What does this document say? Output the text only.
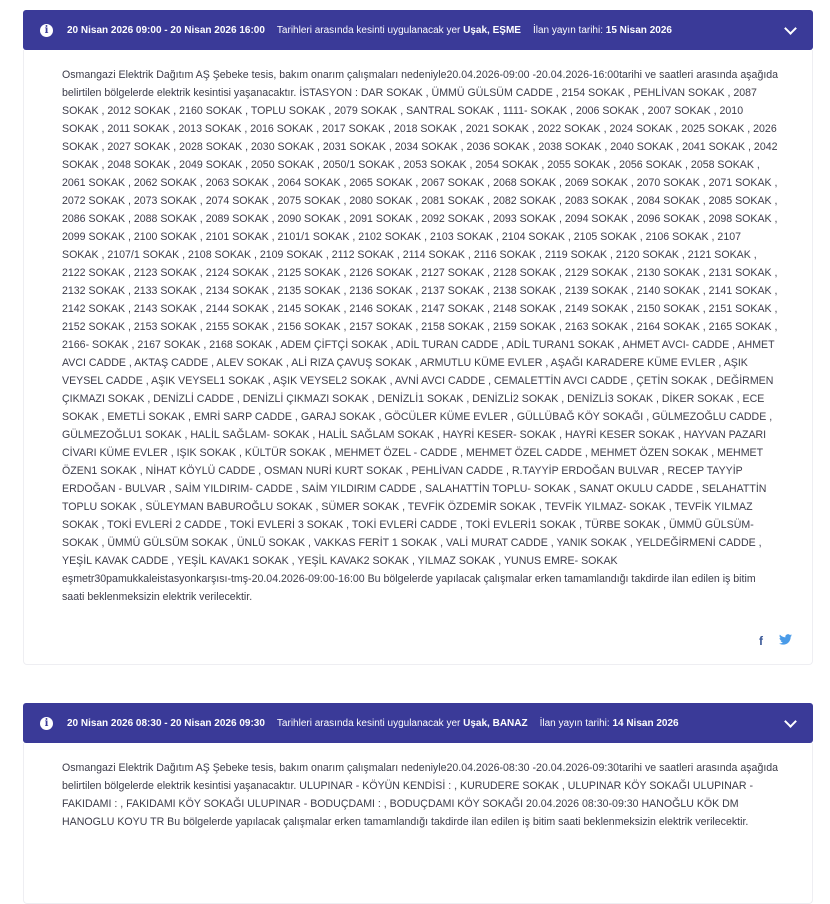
i	20 Nisan 2026 09:00 - 20 Nisan 2026 16:00 Tarihleri arasında kesinti uygulanacak yer
Uşak, EŞME İlan yayın tarihi:
15 Nisan 2026
Osmangazi Elektrik Dağıtım AŞ Şebeke tesis, bakım onarım çalışmaları nedeniyle20.04.2026-09:00 -20.04.2026-16:00tarihi ve saatleri arasında aşağıda belirtilen bölgelerde elektrik kesintisi yaşanacaktır. İSTASYON : DAR SOKAK , ÜMMÜ GÜLSÜM CADDE , 2154 SOKAK , PEHLİVAN SOKAK , 2087 SOKAK , 2012 SOKAK , 2160 SOKAK , TOPLU SOKAK , 2079 SOKAK , SANTRAL SOKAK , 1111- SOKAK , 2006 SOKAK , 2007 SOKAK , 2010 SOKAK , 2011 SOKAK , 2013 SOKAK , 2016 SOKAK , 2017 SOKAK , 2018 SOKAK , 2021 SOKAK , 2022 SOKAK , 2024 SOKAK , 2025 SOKAK , 2026 SOKAK , 2027 SOKAK , 2028 SOKAK , 2030 SOKAK , 2031 SOKAK , 2034 SOKAK , 2036 SOKAK , 2038 SOKAK , 2040 SOKAK , 2041 SOKAK , 2042 SOKAK , 2048 SOKAK , 2049 SOKAK , 2050 SOKAK , 2050/1 SOKAK , 2053 SOKAK , 2054 SOKAK , 2055 SOKAK , 2056 SOKAK , 2058 SOKAK , 2061 SOKAK , 2062 SOKAK , 2063 SOKAK , 2064 SOKAK , 2065 SOKAK , 2067 SOKAK , 2068 SOKAK , 2069 SOKAK , 2070 SOKAK , 2071 SOKAK , 2072 SOKAK , 2073 SOKAK , 2074 SOKAK , 2075 SOKAK , 2080 SOKAK , 2081 SOKAK , 2082 SOKAK , 2083 SOKAK , 2084 SOKAK , 2085 SOKAK , 2086 SOKAK , 2088 SOKAK , 2089 SOKAK , 2090 SOKAK , 2091 SOKAK , 2092 SOKAK , 2093 SOKAK , 2094 SOKAK , 2096 SOKAK , 2098 SOKAK , 2099 SOKAK , 2100 SOKAK , 2101 SOKAK , 2101/1 SOKAK , 2102 SOKAK , 2103 SOKAK , 2104 SOKAK , 2105 SOKAK , 2106 SOKAK , 2107 SOKAK , 2107/1 SOKAK , 2108 SOKAK , 2109 SOKAK , 2112 SOKAK , 2114 SOKAK , 2116 SOKAK , 2119 SOKAK , 2120 SOKAK , 2121 SOKAK , 2122 SOKAK , 2123 SOKAK , 2124 SOKAK , 2125 SOKAK , 2126 SOKAK , 2127 SOKAK , 2128 SOKAK , 2129 SOKAK , 2130 SOKAK , 2131 SOKAK , 2132 SOKAK , 2133 SOKAK , 2134 SOKAK , 2135 SOKAK , 2136 SOKAK , 2137 SOKAK , 2138 SOKAK , 2139 SOKAK , 2140 SOKAK , 2141 SOKAK , 2142 SOKAK , 2143 SOKAK , 2144 SOKAK , 2145 SOKAK , 2146 SOKAK , 2147 SOKAK , 2148 SOKAK , 2149 SOKAK , 2150 SOKAK , 2151 SOKAK , 2152 SOKAK , 2153 SOKAK , 2155 SOKAK , 2156 SOKAK , 2157 SOKAK , 2158 SOKAK , 2159 SOKAK , 2163 SOKAK , 2164 SOKAK , 2165 SOKAK , 2166- SOKAK , 2167 SOKAK , 2168 SOKAK , ADEM ÇİFTÇİ SOKAK , ADİL TURAN CADDE , ADİL TURAN1 SOKAK , AHMET AVCI- CADDE , AHMET AVCI CADDE , AKTAŞ CADDE , ALEV SOKAK , ALİ RIZA ÇAVUŞ SOKAK , ARMUTLU KÜME EVLER , AŞAĞI KARADERE KÜME EVLER , AŞIK VEYSEL CADDE , AŞIK VEYSEL1 SOKAK , AŞIK VEYSEL2 SOKAK , AVNİ AVCI CADDE , CEMALETTİN AVCI CADDE , ÇETİN SOKAK , DEĞİRMEN ÇIKMAZI SOKAK , DENİZLİ CADDE , DENİZLİ ÇIKMAZI SOKAK , DENİZLİ1 SOKAK , DENİZLİ2 SOKAK , DENİZLİ3 SOKAK , DİKER SOKAK , ECE SOKAK , EMETLİ SOKAK , EMRİ SARP CADDE , GARAJ SOKAK , GÖCÜLER KÜME EVLER , GÜLLÜBAĞ KÖY SOKAĞI , GÜLMEZOĞLU CADDE , GÜLMEZOĞLU1 SOKAK , HALİL SAĞLAM- SOKAK , HALİL SAĞLAM SOKAK , HAYRİ KESER- SOKAK , HAYRİ KESER SOKAK , HAYVAN PAZARI CİVARI KÜME EVLER , IŞIK SOKAK , KÜLTÜR SOKAK , MEHMET ÖZEL - CADDE , MEHMET ÖZEL CADDE , MEHMET ÖZEN SOKAK , MEHMET ÖZEN1 SOKAK , NİHAT KÖYLÜ CADDE , OSMAN NURİ KURT SOKAK , PEHLİVAN CADDE , R.TAYYİP ERDOĞAN BULVAR , RECEP TAYYİP ERDOĞAN - BULVAR , SAİM YILDIRIM- CADDE , SAİM YILDIRIM CADDE , SALAHATTİN TOPLU- SOKAK , SANAT OKULU CADDE , SELAHATTİN TOPLU SOKAK , SÜLEYMAN BABUROĞLU SOKAK , SÜMER SOKAK , TEVFİK ÖZDEMİR SOKAK , TEVFİK YILMAZ- SOKAK , TEVFİK YILMAZ SOKAK , TOKİ EVLERİ 2 CADDE , TOKİ EVLERİ 3 SOKAK , TOKİ EVLERİ CADDE , TOKİ EVLERİ1 SOKAK , TÜRBE SOKAK , ÜMMÜ GÜLSÜM- SOKAK , ÜMMÜ GÜLSÜM SOKAK , ÜNLÜ SOKAK , VAKKAS FERİT 1 SOKAK , VALİ MURAT CADDE , YANIK SOKAK , YELDEĞİRMENİ CADDE , YEŞİL KAVAK CADDE , YEŞİL KAVAK1 SOKAK , YEŞİL KAVAK2 SOKAK , YILMAZ SOKAK , YUNUS EMRE- SOKAK eşmetr30pamukkaleistasyonkarşısı-tmş-20.04.2026-09:00-16:00 Bu bölgelerde yapılacak çalışmalar erken tamamlandığı takdirde ilan edilen iş bitim saati beklenmeksizin elektrik verilecektir.
f
i	20 Nisan 2026 08:30 - 20 Nisan 2026 09:30 Tarihleri arasında kesinti uygulanacak yer
Uşak, BANAZ İlan yayın tarihi:
14 Nisan 2026
Osmangazi Elektrik Dağıtım AŞ Şebeke tesis, bakım onarım çalışmaları nedeniyle20.04.2026-08:30 -20.04.2026-09:30tarihi ve saatleri arasında aşağıda belirtilen bölgelerde elektrik kesintisi yaşanacaktır. ULUPINAR - KÖYÜN KENDİSİ : , KURUDERE SOKAK , ULUPINAR KÖY SOKAĞI ULUPINAR - FAKIDAMI : , FAKIDAMI KÖY SOKAĞI ULUPINAR - BODUÇDAMI : , BODUÇDAMI KÖY SOKAĞI 20.04.2026 08:30-09:30 HANOĞLU KÖK DM HANOGLU KOYU TR Bu bölgelerde yapılacak çalışmalar erken tamamlandığı takdirde ilan edilen iş bitim saati beklenmeksizin elektrik verilecektir.
